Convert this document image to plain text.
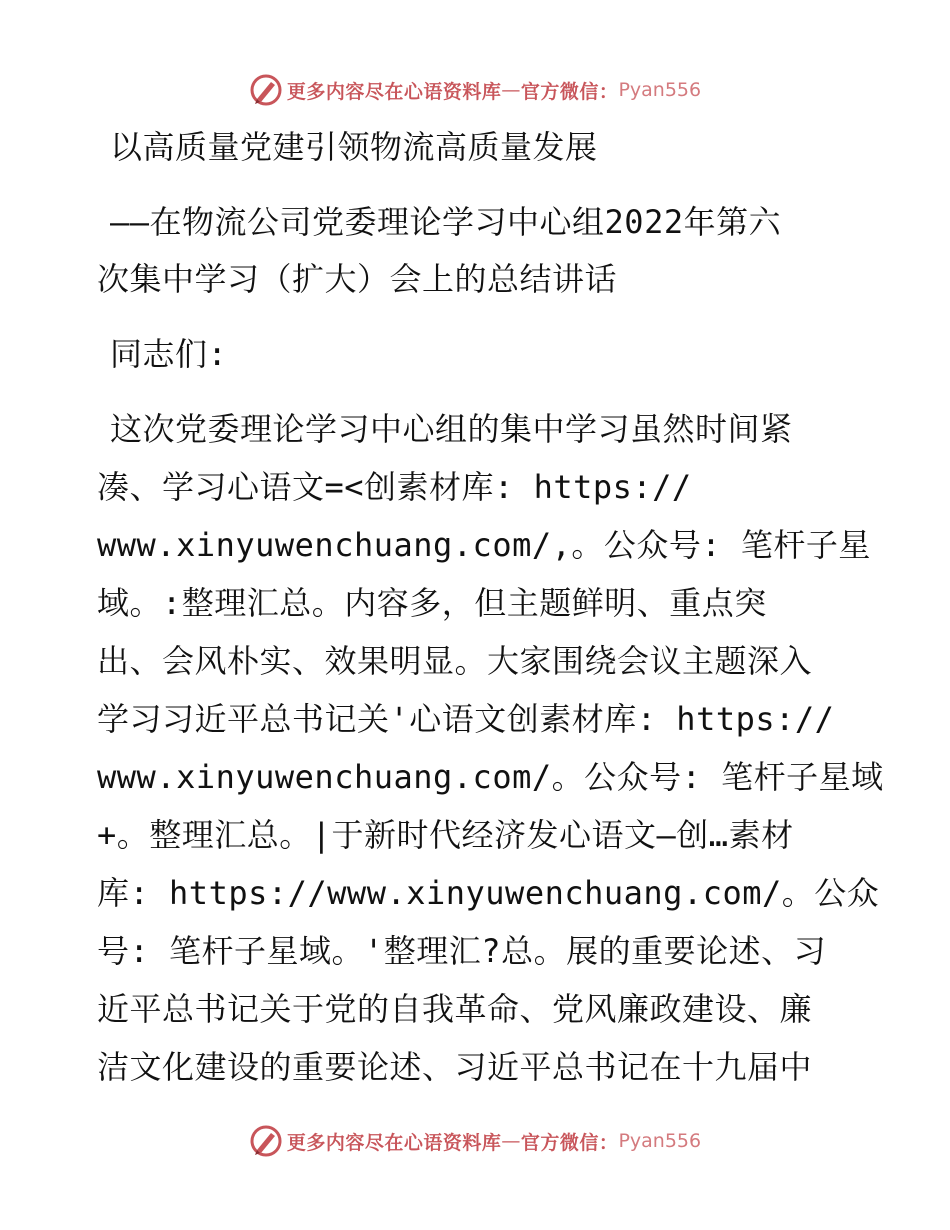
更多内容尽在心语资料库 — 官方微信： Pyan556
以高质量党建引领物流高质量发展
——在物流公司党委理论学习中心组2022年第六
次集中学习（扩大）会上的总结讲话
同志们:
这次党委理论学习中心组的集中学习虽然时间紧
凑、学习心语文=<创素材库: https://
www.xinyuwenchuang.com/,。公众号: 笔杆子星
域。:整理汇总。内容多，但主题鲜明、重点突
出、会风朴实、效果明显。大家围绕会议主题深入
学习习近平总书记关'心语文创素材库: https://
www.xinyuwenchuang.com/。公众号: 笔杆子星域
+。整理汇总。|于新时代经济发心语文—创…素材
库: https://www.xinyuwenchuang.com/。公众
号: 笔杆子星域。'整理汇?总。展的重要论述、习
近平总书记关于党的自我革命、党风廉政建设、廉
洁文化建设的重要论述、习近平总书记在十九届中
更多内容尽在心语资料库 — 官方微信： Pyan556
